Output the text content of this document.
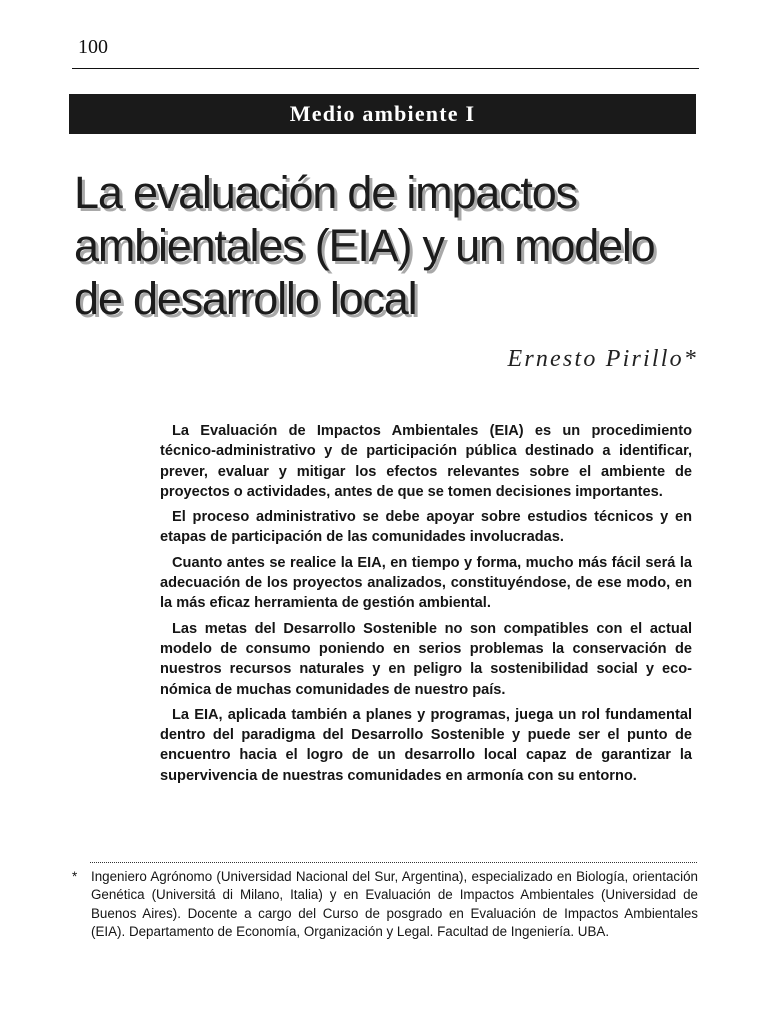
100
Medio ambiente I
La evaluación de impactos
ambientales (EIA) y un modelo
de desarrollo local
Ernesto Pirillo*

La Evaluación de Impactos Ambientales (EIA) es un procedimiento técnico-administrativo y de participación pública destinado a identificar, prever, evaluar y mitigar los efectos relevantes sobre el ambiente de proyectos o actividades, antes de que se tomen decisiones importantes.

El proceso administrativo se debe apoyar sobre estudios técnicos y en etapas de participación de las comunidades involucradas.

Cuanto antes se realice la EIA, en tiempo y forma, mucho más fácil será la adecuación de los proyectos analizados, constituyéndose, de ese modo, en la más eficaz herramienta de gestión ambiental.

Las metas del Desarrollo Sostenible no son compatibles con el actual modelo de consumo poniendo en serios problemas la conservación de nuestros recursos naturales y en peligro la sostenibilidad social y económica de muchas comunidades de nuestro país.

La EIA, aplicada también a planes y programas, juega un rol fundamental dentro del paradigma del Desarrollo Sostenible y puede ser el punto de encuentro hacia el logro de un desarrollo local capaz de garantizar la supervivencia de nuestras comunidades en armonía con su entorno.

*	Ingeniero Agrónomo (Universidad Nacional del Sur, Argentina), especializado en Biología, orientación Genética (Universitá di Milano, Italia) y en Evaluación de Impactos Ambientales (Universidad de Buenos Aires). Docente a cargo del Curso de posgrado en Evaluación de Impactos Ambientales (EIA). Departamento de Economía, Organización y Legal. Facultad de Ingeniería. UBA.
